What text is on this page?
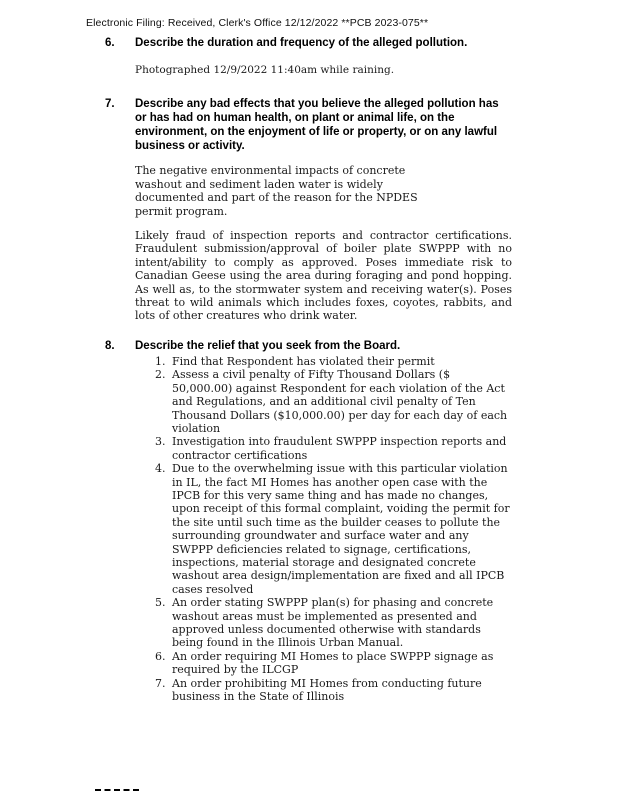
Electronic Filing: Received, Clerk's Office 12/12/2022 **PCB 2023-075**
6.	Describe the duration and frequency of the alleged pollution.

Photographed 12/9/2022 11:40am while raining.

7.	Describe any bad effects that you believe the alleged pollution has or has had on human health, on plant or animal life, on the environment, on the enjoyment of life or property, or on any lawful business or activity.

The negative environmental impacts of concrete washout and sediment laden water is widely documented and part of the reason for the NPDES permit program.

Likely fraud of inspection reports and contractor certifications. Fraudulent submission/approval of boiler plate SWPPP with no intent/ability to comply as approved. Poses immediate risk to Canadian Geese using the area during foraging and pond hopping. As well as, to the stormwater system and receiving water(s). Poses threat to wild animals which includes foxes, coyotes, rabbits, and lots of other creatures who drink water.

8.	Describe the relief that you seek from the Board.
1. Find that Respondent has violated their permit
2. Assess a civil penalty of Fifty Thousand Dollars ($ 50,000.00) against Respondent for each violation of the Act and Regulations, and an additional civil penalty of Ten Thousand Dollars ($10,000.00) per day for each day of each violation
3. Investigation into fraudulent SWPPP inspection reports and contractor certifications
4. Due to the overwhelming issue with this particular violation in IL, the fact MI Homes has another open case with the IPCB for this very same thing and has made no changes, upon receipt of this formal complaint, voiding the permit for the site until such time as the builder ceases to pollute the surrounding groundwater and surface water and any SWPPP deficiencies related to signage, certifications, inspections, material storage and designated concrete washout area design/implementation are fixed and all IPCB cases resolved
5. An order stating SWPPP plan(s) for phasing and concrete washout areas must be implemented as presented and approved unless documented otherwise with standards being found in the Illinois Urban Manual.
6. An order requiring MI Homes to place SWPPP signage as required by the ILCGP
7. An order prohibiting MI Homes from conducting future business in the State of Illinois
